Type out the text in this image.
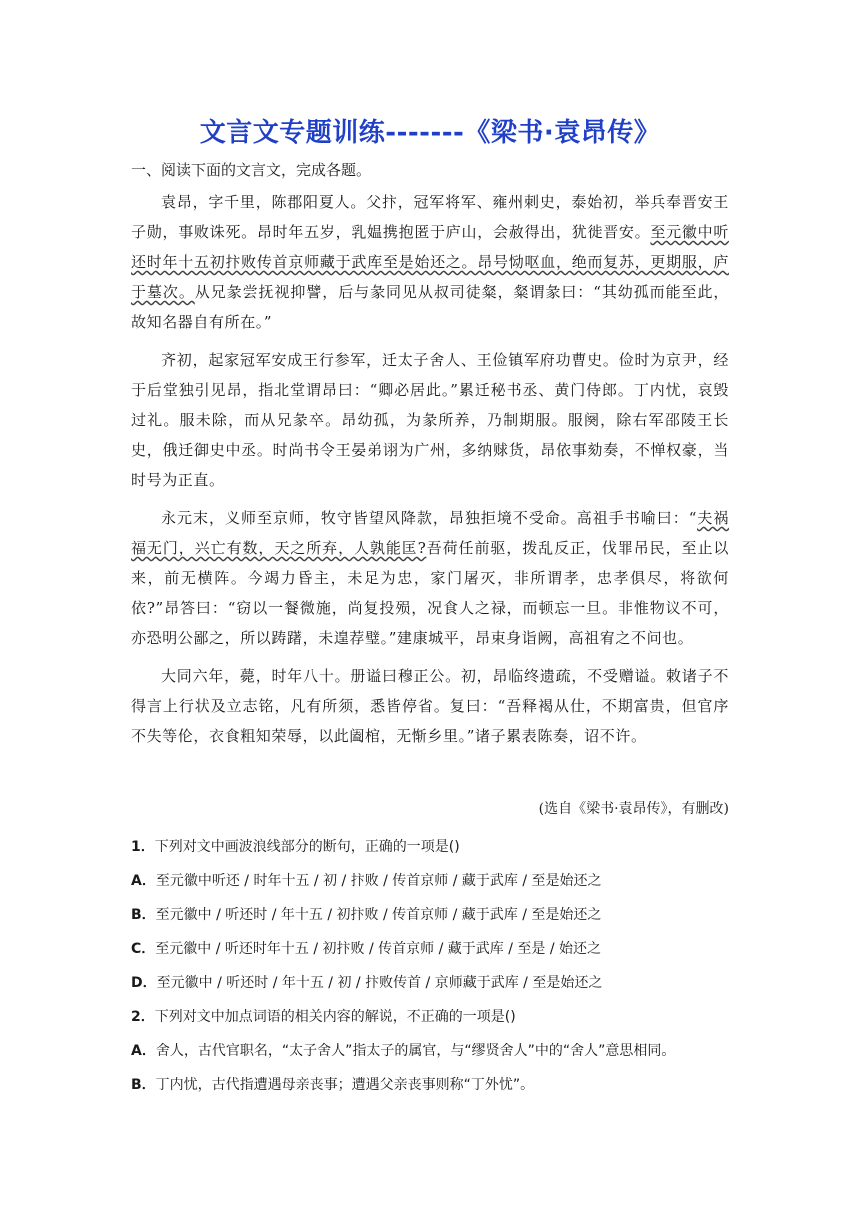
文言文专题训练-------《梁书·袁昂传》

一、阅读下面的文言文，完成各题。

袁昂，字千里，陈郡阳夏人。父抃，冠军将军、雍州刺史，泰始初，举兵奉晋安王子勋，事败诛死。昂时年五岁，乳媪携抱匿于庐山，会赦得出，犹徙晋安。至元徽中听还时年十五初抃败传首京师藏于武库至是始还之。昂号恸呕血，绝而复苏，更期服，庐于墓次。从兄彖尝抚视抑譬，后与彖同见从叔司徒粲，粲谓彖曰：“其幼孤而能至此，故知名器自有所在。”

齐初，起家冠军安成王行参军，迁太子舍人、王俭镇军府功曹史。俭时为京尹，经于后堂独引见昂，指北堂谓昂曰：“卿必居此。”累迁秘书丞、黄门侍郎。丁内忧，哀毁过礼。服未除，而从兄彖卒。昂幼孤，为彖所养，乃制期服。服阕，除右军邵陵王长史，俄迁御史中丞。时尚书令王晏弟诩为广州，多纳赇货，昂依事劾奏，不惮权豪，当时号为正直。

永元末，义师至京师，牧守皆望风降款，昂独拒境不受命。高祖手书喻曰：“夫祸福无门，兴亡有数，天之所弃，人孰能匡?吾荷任前驱，拨乱反正，伐罪吊民，至止以来，前无横阵。今竭力昏主，未足为忠，家门屠灭，非所谓孝，忠孝俱尽，将欲何依?”昂答曰：“窃以一餐微施，尚复投殒，况食人之禄，而顿忘一旦。非惟物议不可，亦恐明公鄙之，所以踌躇，未遑荐璧。”建康城平，昂束身诣阙，高祖宥之不问也。

大同六年，薨，时年八十。册谥曰穆正公。初，昂临终遗疏，不受赠谥。敕诸子不得言上行状及立志铭，凡有所须，悉皆停省。复曰：“吾释褐从仕，不期富贵，但官序不失等伦，衣食粗知荣辱，以此阖棺，无惭乡里。”诸子累表陈奏，诏不许。

(选自《梁书·袁昂传》，有删改)

1．下列对文中画波浪线部分的断句，正确的一项是()

A．至元徽中听还 / 时年十五 / 初 / 抃败 / 传首京师 / 藏于武库 / 至是始还之

B．至元徽中 / 听还时 / 年十五 / 初抃败 / 传首京师 / 藏于武库 / 至是始还之

C．至元徽中 / 听还时年十五 / 初抃败 / 传首京师 / 藏于武库 / 至是 / 始还之

D．至元徽中 / 听还时 / 年十五 / 初 / 抃败传首 / 京师藏于武库 / 至是始还之

2．下列对文中加点词语的相关内容的解说，不正确的一项是()

A．舍人，古代官职名，“太子舍人”指太子的属官，与“缪贤舍人”中的“舍人”意思相同。

B．丁内忧，古代指遭遇母亲丧事；遭遇父亲丧事则称“丁外忧”。
